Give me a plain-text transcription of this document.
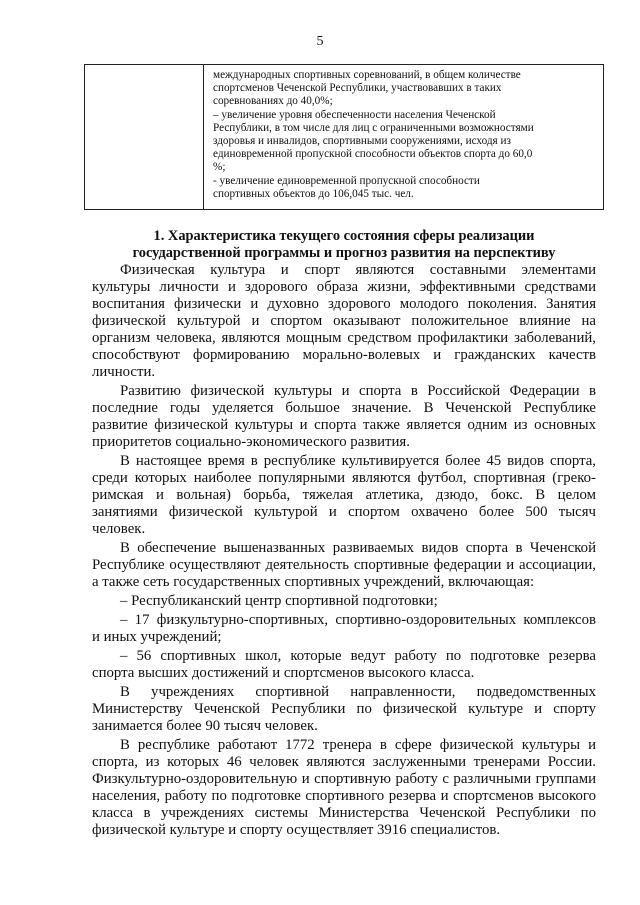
5
международных спортивных соревнований, в общем количестве
спортсменов Чеченской Республики, участвовавших в таких
соревнованиях до 40,0%;
– увеличение уровня обеспеченности населения Чеченской
Республики, в том числе для лиц с ограниченными возможностями
здоровья и инвалидов, спортивными сооружениями, исходя из
единовременной пропускной способности объектов спорта до 60,0
%;
- увеличение единовременной пропускной способности
спортивных объектов до 106,045 тыс. чел.
1. Характеристика текущего состояния сферы реализации
государственной программы и прогноз развития на перспективу
Физическая культура и спорт являются составными элементами
культуры личности и здорового образа жизни, эффективными средствами
воспитания физически и духовно здорового молодого поколения. Занятия
физической культурой и спортом оказывают положительное влияние на
организм человека, являются мощным средством профилактики заболеваний,
способствуют формированию морально-волевых и гражданских качеств
личности.
Развитию физической культуры и спорта в Российской Федерации в
последние годы уделяется большое значение. В Чеченской Республике
развитие физической культуры и спорта также является одним из основных
приоритетов социально-экономического развития.
В настоящее время в республике культивируется более 45 видов спорта,
среди которых наиболее популярными являются футбол, спортивная (греко-
римская и вольная) борьба, тяжелая атлетика, дзюдо, бокс. В целом
занятиями физической культурой и спортом охвачено более 500 тысяч
человек.
В обеспечение вышеназванных развиваемых видов спорта в Чеченской
Республике осуществляют деятельность спортивные федерации и ассоциации,
а также сеть государственных спортивных учреждений, включающая:
– Республиканский центр спортивной подготовки;
– 17 физкультурно-спортивных, спортивно-оздоровительных комплексов
и иных учреждений;
– 56 спортивных школ, которые ведут работу по подготовке резерва
спорта высших достижений и спортсменов высокого класса.
В учреждениях спортивной направленности, подведомственных
Министерству Чеченской Республики по физической культуре и спорту
занимается более 90 тысяч человек.
В республике работают 1772 тренера в сфере физической культуры и
спорта, из которых 46 человек являются заслуженными тренерами России.
Физкультурно-оздоровительную и спортивную работу с различными группами
населения, работу по подготовке спортивного резерва и спортсменов высокого
класса в учреждениях системы Министерства Чеченской Республики по
физической культуре и спорту осуществляет 3916 специалистов.
